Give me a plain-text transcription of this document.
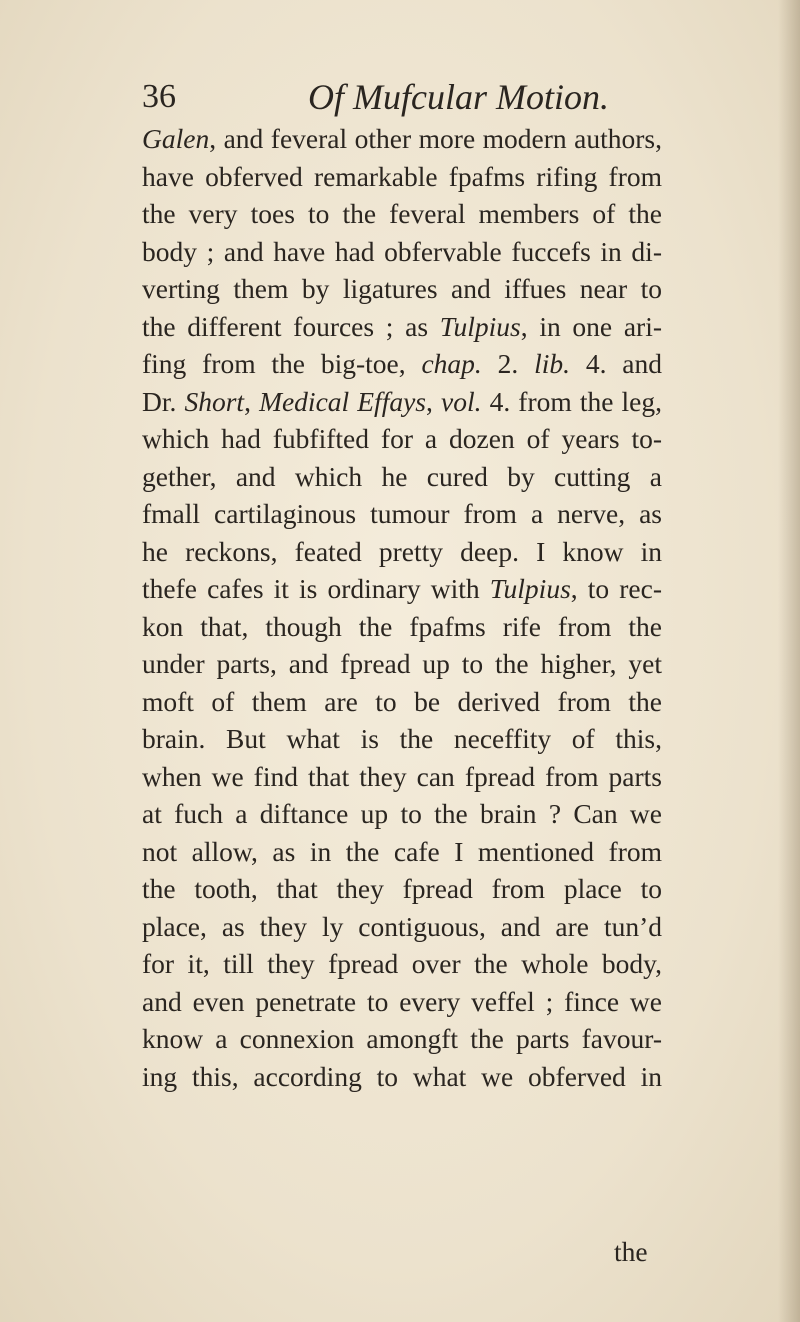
36	Of Mufcular Motion.
Galen, and feveral other more modern authors,
have obferved remarkable fpafms rifing from
the very toes to the feveral members of the
body ; and have had obfervable fuccefs in di-
verting them by ligatures and iffues near to
the different fources ; as Tulpius, in one ari-
fing from the big-toe, chap. 2. lib. 4. and
Dr. Short, Medical Effays, vol. 4. from the leg,
which had fubfifted for a dozen of years to-
gether, and which he cured by cutting a
fmall cartilaginous tumour from a nerve, as
he reckons, feated pretty deep. I know in
thefe cafes it is ordinary with Tulpius, to rec-
kon that, though the fpafms rife from the
under parts, and fpread up to the higher, yet
moft of them are to be derived from the
brain. But what is the neceffity of this,
when we find that they can fpread from parts
at fuch a diftance up to the brain ? Can we
not allow, as in the cafe I mentioned from
the tooth, that they fpread from place to
place, as they ly contiguous, and are tun’d
for it, till they fpread over the whole body,
and even penetrate to every veffel ; fince we
know a connexion amongft the parts favour-
ing this, according to what we obferved in
the
